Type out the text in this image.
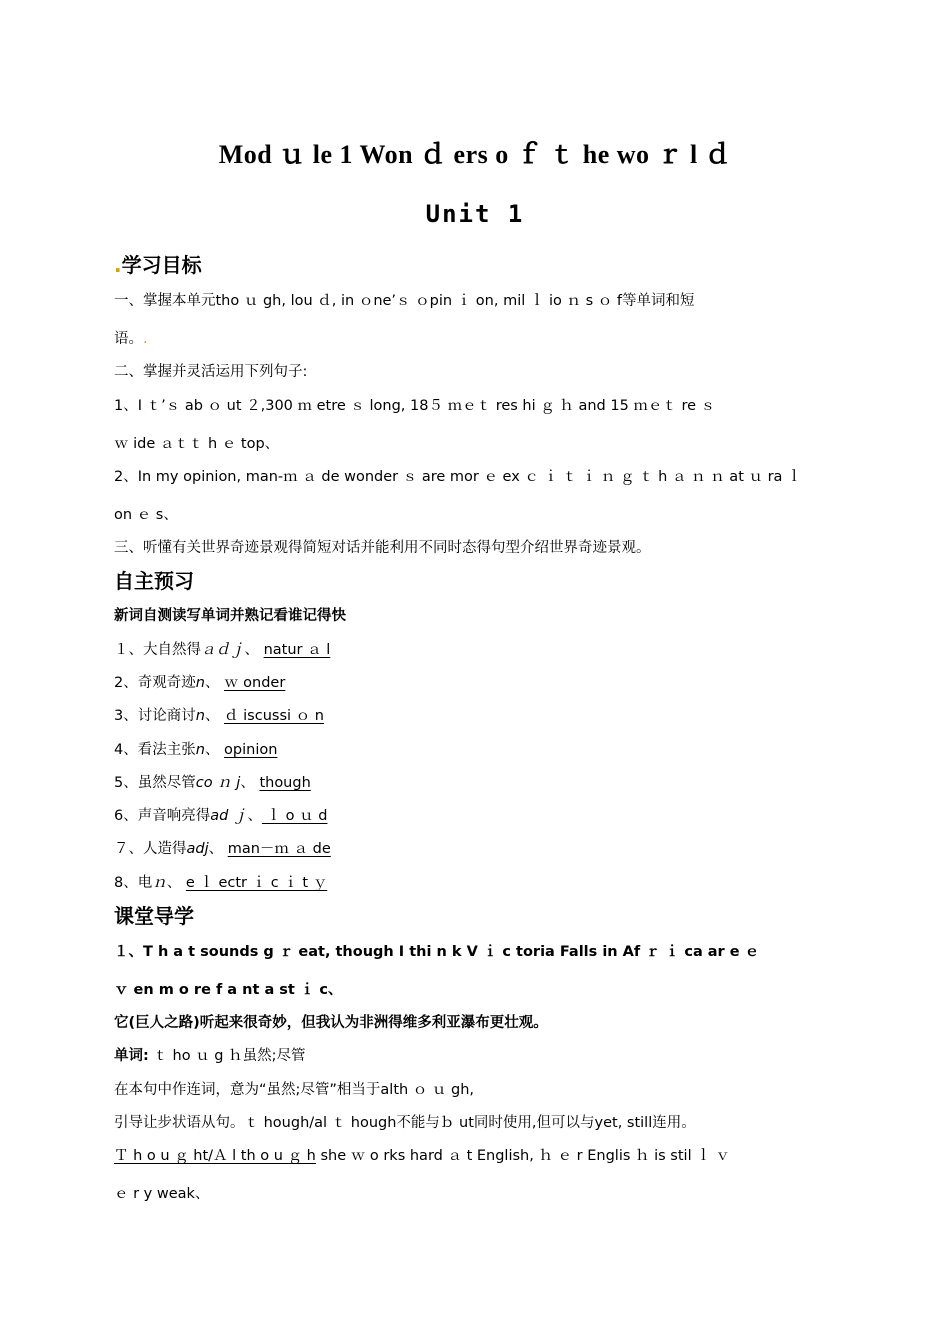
Mod ｕ le 1 Won ｄ ers o ｆ ｔ he wo ｒ l ｄ
Unit 1
.学习目标
一、掌握本单元tho ｕ gh, lou ｄ, in ｏne’ｓ ｏpin ｉ on, mil ｌ io ｎ s ｏ f等单词和短
语。.
二、掌握并灵活运用下列句子:
1、I ｔ’ｓ ab ｏ ut ２,300 ｍ etre ｓ long, 18５ ｍｅｔ res hi ｇ ｈ and 15 ｍｅｔ re ｓ
ｗ ide ａｔｔ h ｅ top、
2、In my opinion, man-ｍ ａ de wonder ｓ are mor ｅ ex ｃ ｉ ｔ ｉ ｎ ｇ ｔ h ａ ｎ ｎ at ｕ ra ｌ
on ｅ s、
三、听懂有关世界奇迹景观得简短对话并能利用不同时态得句型介绍世界奇迹景观。
自主预习
新词自测读写单词并熟记看谁记得快
１、大自然得ａｄｊ、 natur ａ l
2、奇观奇迹n、 ｗ onder
3、讨论商讨n、 ｄ iscussi ｏ n
4、看法主张n、 opinion
5、虽然尽管co ｎ j、 though
6、声音响亮得ad ｊ、 ｌ o ｕ d
７、人造得adj、 man－ｍ ａ de
8、电ｎ、 e ｌ ectr ｉ c ｉ t ｙ
课堂导学
１、T h a t sounds g ｒ eat, though I thi n k V ｉ c toria Falls in Af ｒ ｉ ca ar e ｅ
ｖ en m o re f a nt a st ｉ c、
它(巨人之路)听起来很奇妙，但我认为非洲得维多利亚瀑布更壮观。
单词: ｔ ho ｕ g ｈ虽然;尽管
在本句中作连词，意为“虽然;尽管”相当于alth ｏ ｕ gh,
引导让步状语从句。ｔ hough/al ｔ hough不能与ｂ ut同时使用,但可以与yet, still连用。
Ｔ h o u ｇ ht/Ａ l th o u ｇ h she ｗ o rks hard ａ t English, ｈ ｅ r Englis ｈ is stil ｌ ｖ
ｅ r y weak、
